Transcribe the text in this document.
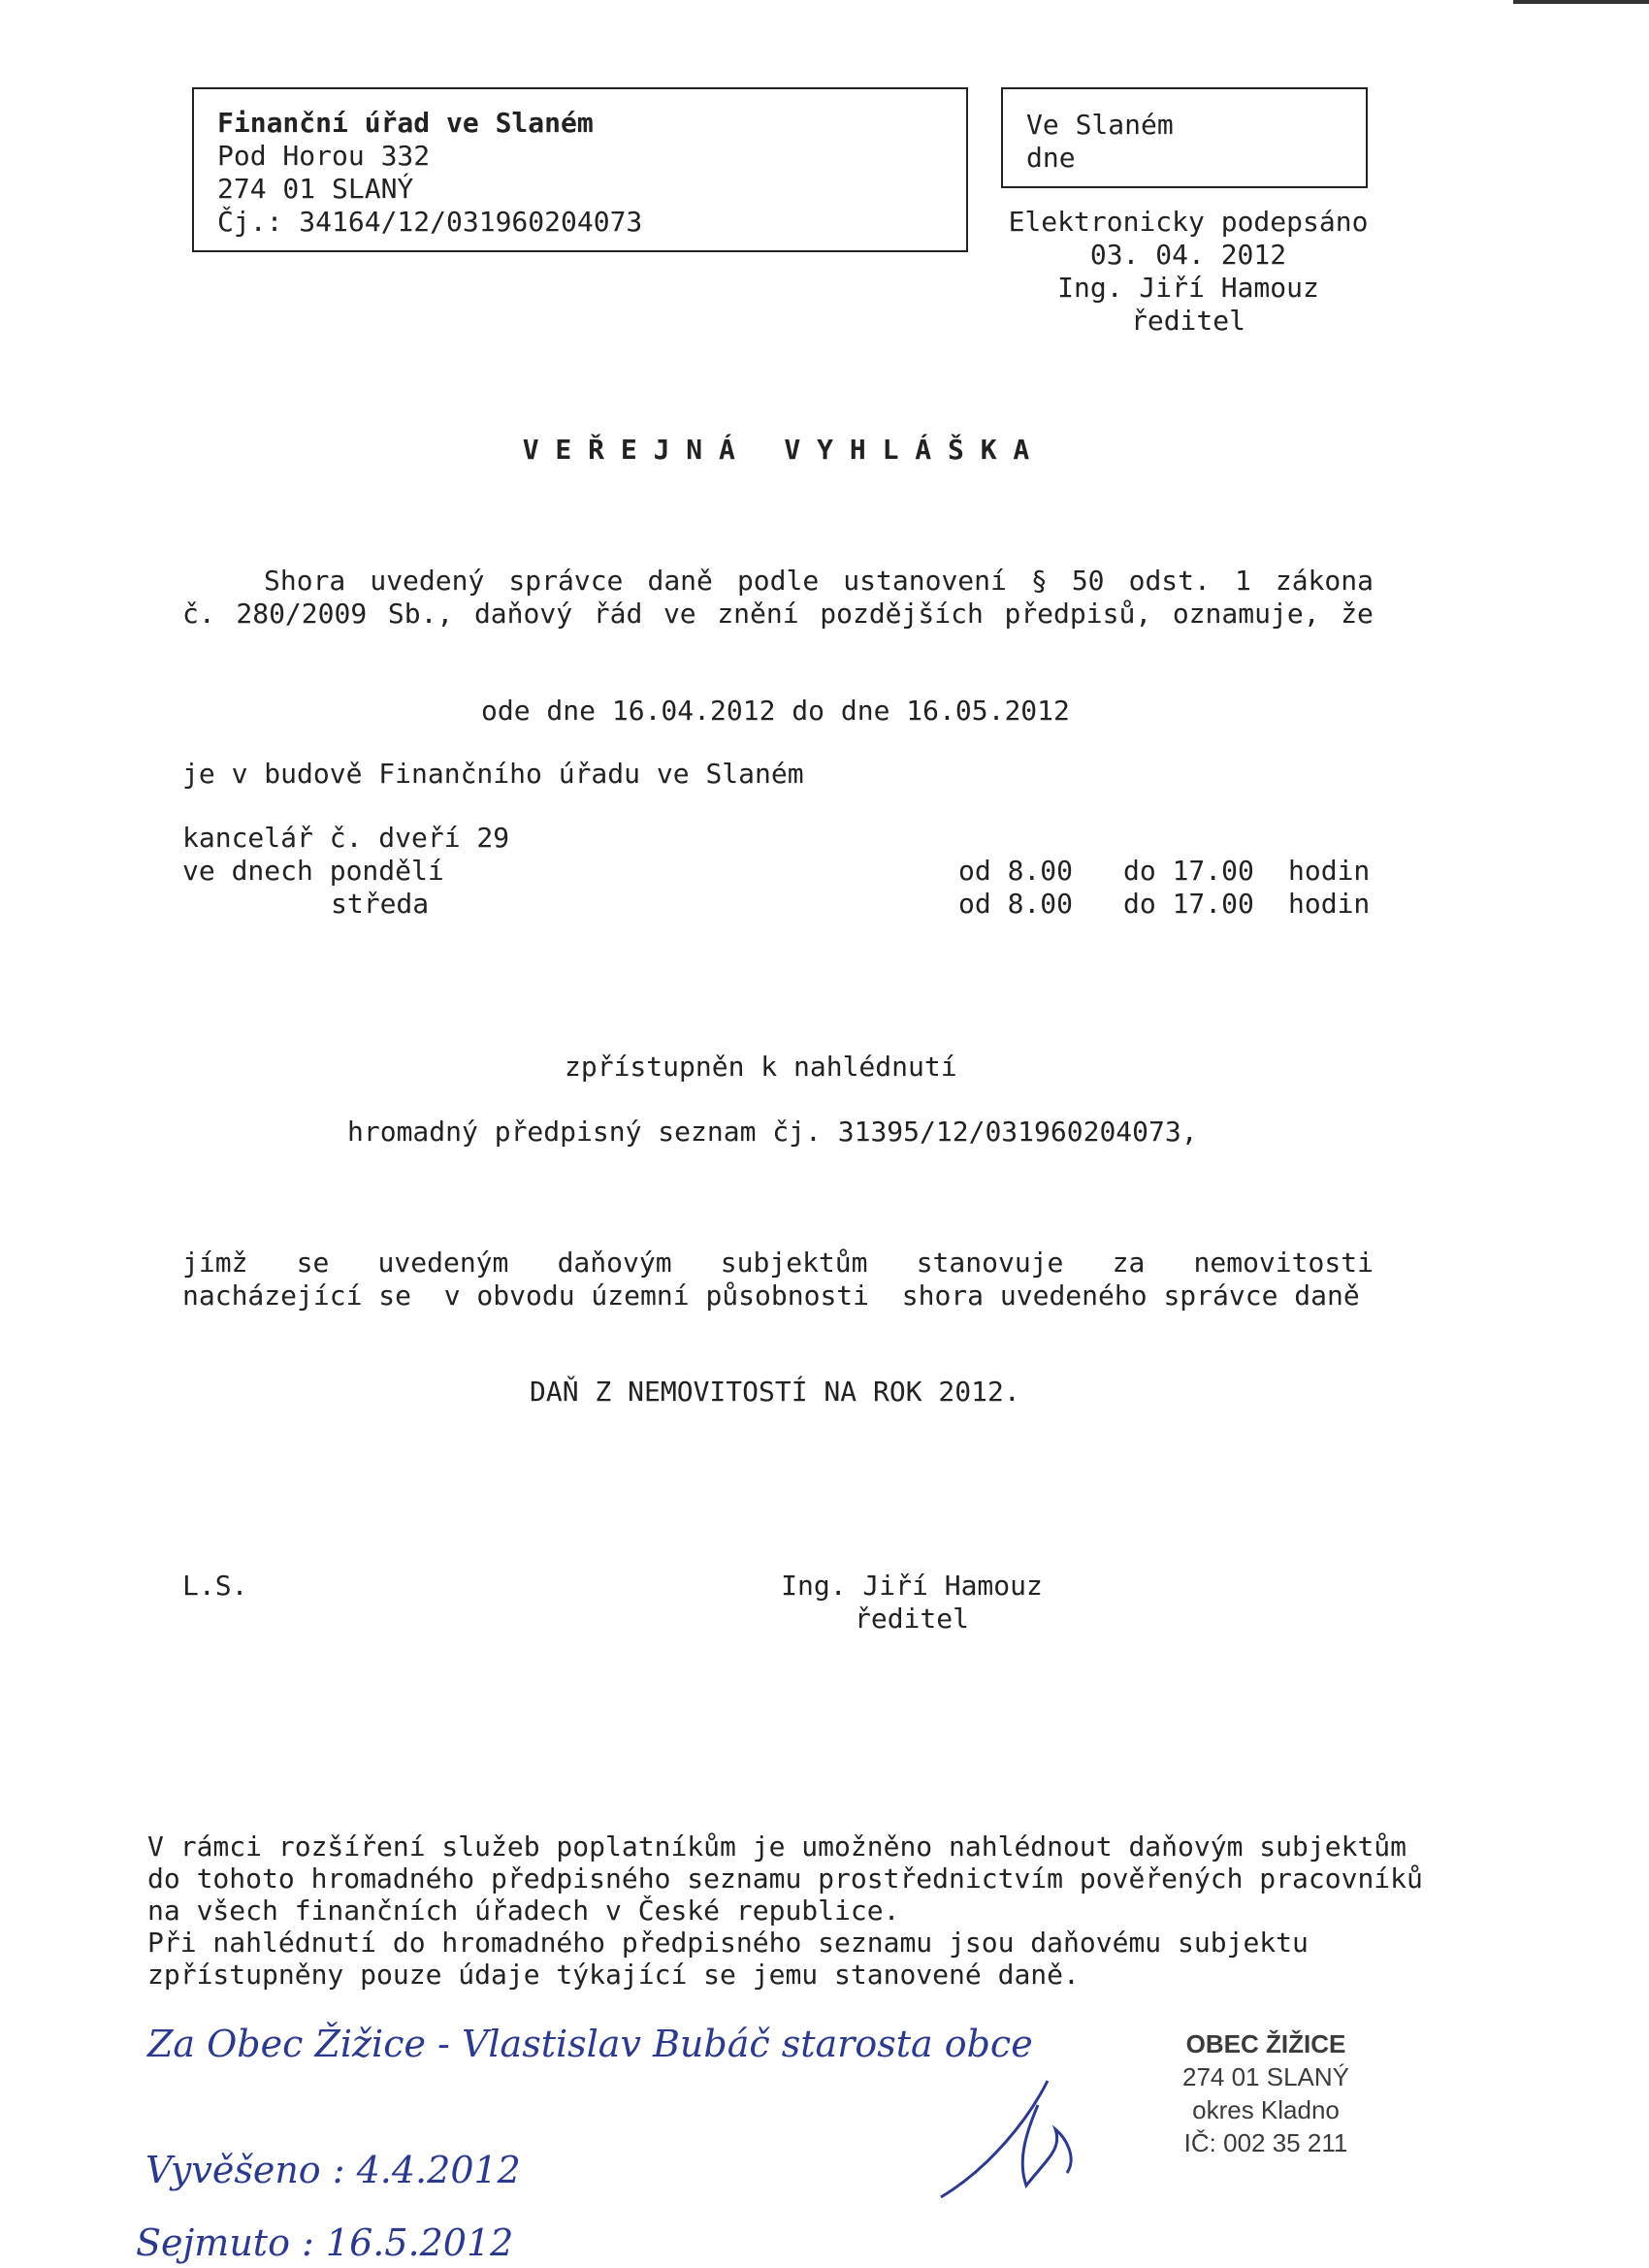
Finanční úřad ve Slaném
Pod Horou 332
274 01 SLANÝ
Čj.: 34164/12/031960204073
Ve Slaném
dne
Elektronicky podepsáno
03. 04. 2012
Ing. Jiří Hamouz
ředitel
V E Ř E J N Á   V Y H L Á Š K A
Shora uvedený správce daně podle ustanovení § 50 odst. 1 zákona
č. 280/2009 Sb., daňový řád ve znění pozdějších předpisů, oznamuje, že
ode dne 16.04.2012 do dne 16.05.2012
je v budově Finančního úřadu ve Slaném
kancelář č. dveří 29
ve dnech pondělí	od 8.00 do 17.00 hodin
středa	od 8.00 do 17.00 hodin
zpřístupněn k nahlédnutí
hromadný předpisný seznam čj. 31395/12/031960204073,
jímž se uvedeným daňovým subjektům stanovuje za nemovitosti
nacházející se  v obvodu územní působnosti  shora uvedeného správce daně
DAŇ Z NEMOVITOSTÍ NA ROK 2012.
L.S.	Ing. Jiří Hamouz
ředitel
V rámci rozšíření služeb poplatníkům je umožněno nahlédnout daňovým subjektům
do tohoto hromadného předpisného seznamu prostřednictvím pověřených pracovníků
na všech finančních úřadech v České republice.
Při nahlédnutí do hromadného předpisného seznamu jsou daňovému subjektu
zpřístupněny pouze údaje týkající se jemu stanovené daně.
Za Obec Žižice - Vlastislav Bubáč starosta obce
Vyvěšeno : 4.4.2012
Sejmuto : 16.5.2012
OBEC ŽIŽICE
274 01 SLANÝ
okres Kladno
IČ: 002 35 211
